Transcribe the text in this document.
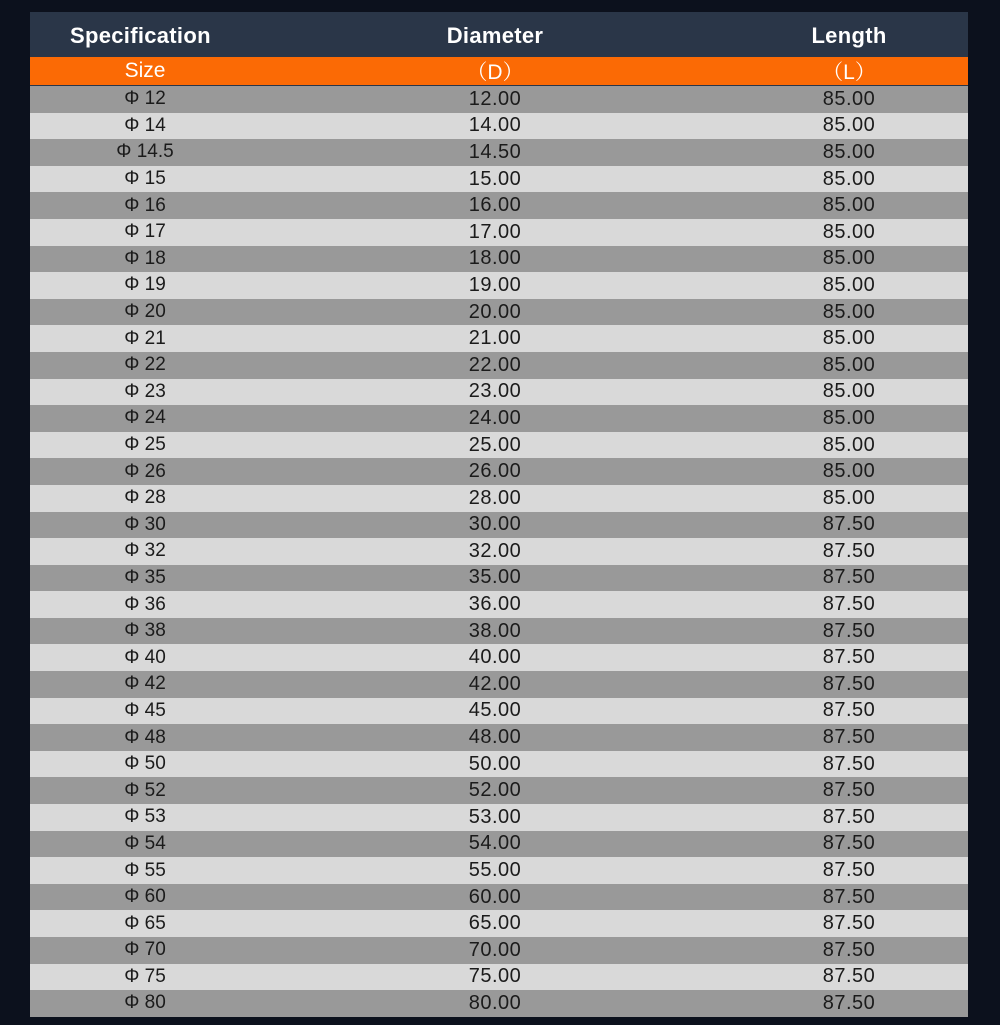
Specification	Diameter	Length
Size	（D）	（L）
Φ 12	12.00	85.00
Φ 14	14.00	85.00
Φ 14.5	14.50	85.00
Φ 15	15.00	85.00
Φ 16	16.00	85.00
Φ 17	17.00	85.00
Φ 18	18.00	85.00
Φ 19	19.00	85.00
Φ 20	20.00	85.00
Φ 21	21.00	85.00
Φ 22	22.00	85.00
Φ 23	23.00	85.00
Φ 24	24.00	85.00
Φ 25	25.00	85.00
Φ 26	26.00	85.00
Φ 28	28.00	85.00
Φ 30	30.00	87.50
Φ 32	32.00	87.50
Φ 35	35.00	87.50
Φ 36	36.00	87.50
Φ 38	38.00	87.50
Φ 40	40.00	87.50
Φ 42	42.00	87.50
Φ 45	45.00	87.50
Φ 48	48.00	87.50
Φ 50	50.00	87.50
Φ 52	52.00	87.50
Φ 53	53.00	87.50
Φ 54	54.00	87.50
Φ 55	55.00	87.50
Φ 60	60.00	87.50
Φ 65	65.00	87.50
Φ 70	70.00	87.50
Φ 75	75.00	87.50
Φ 80	80.00	87.50
